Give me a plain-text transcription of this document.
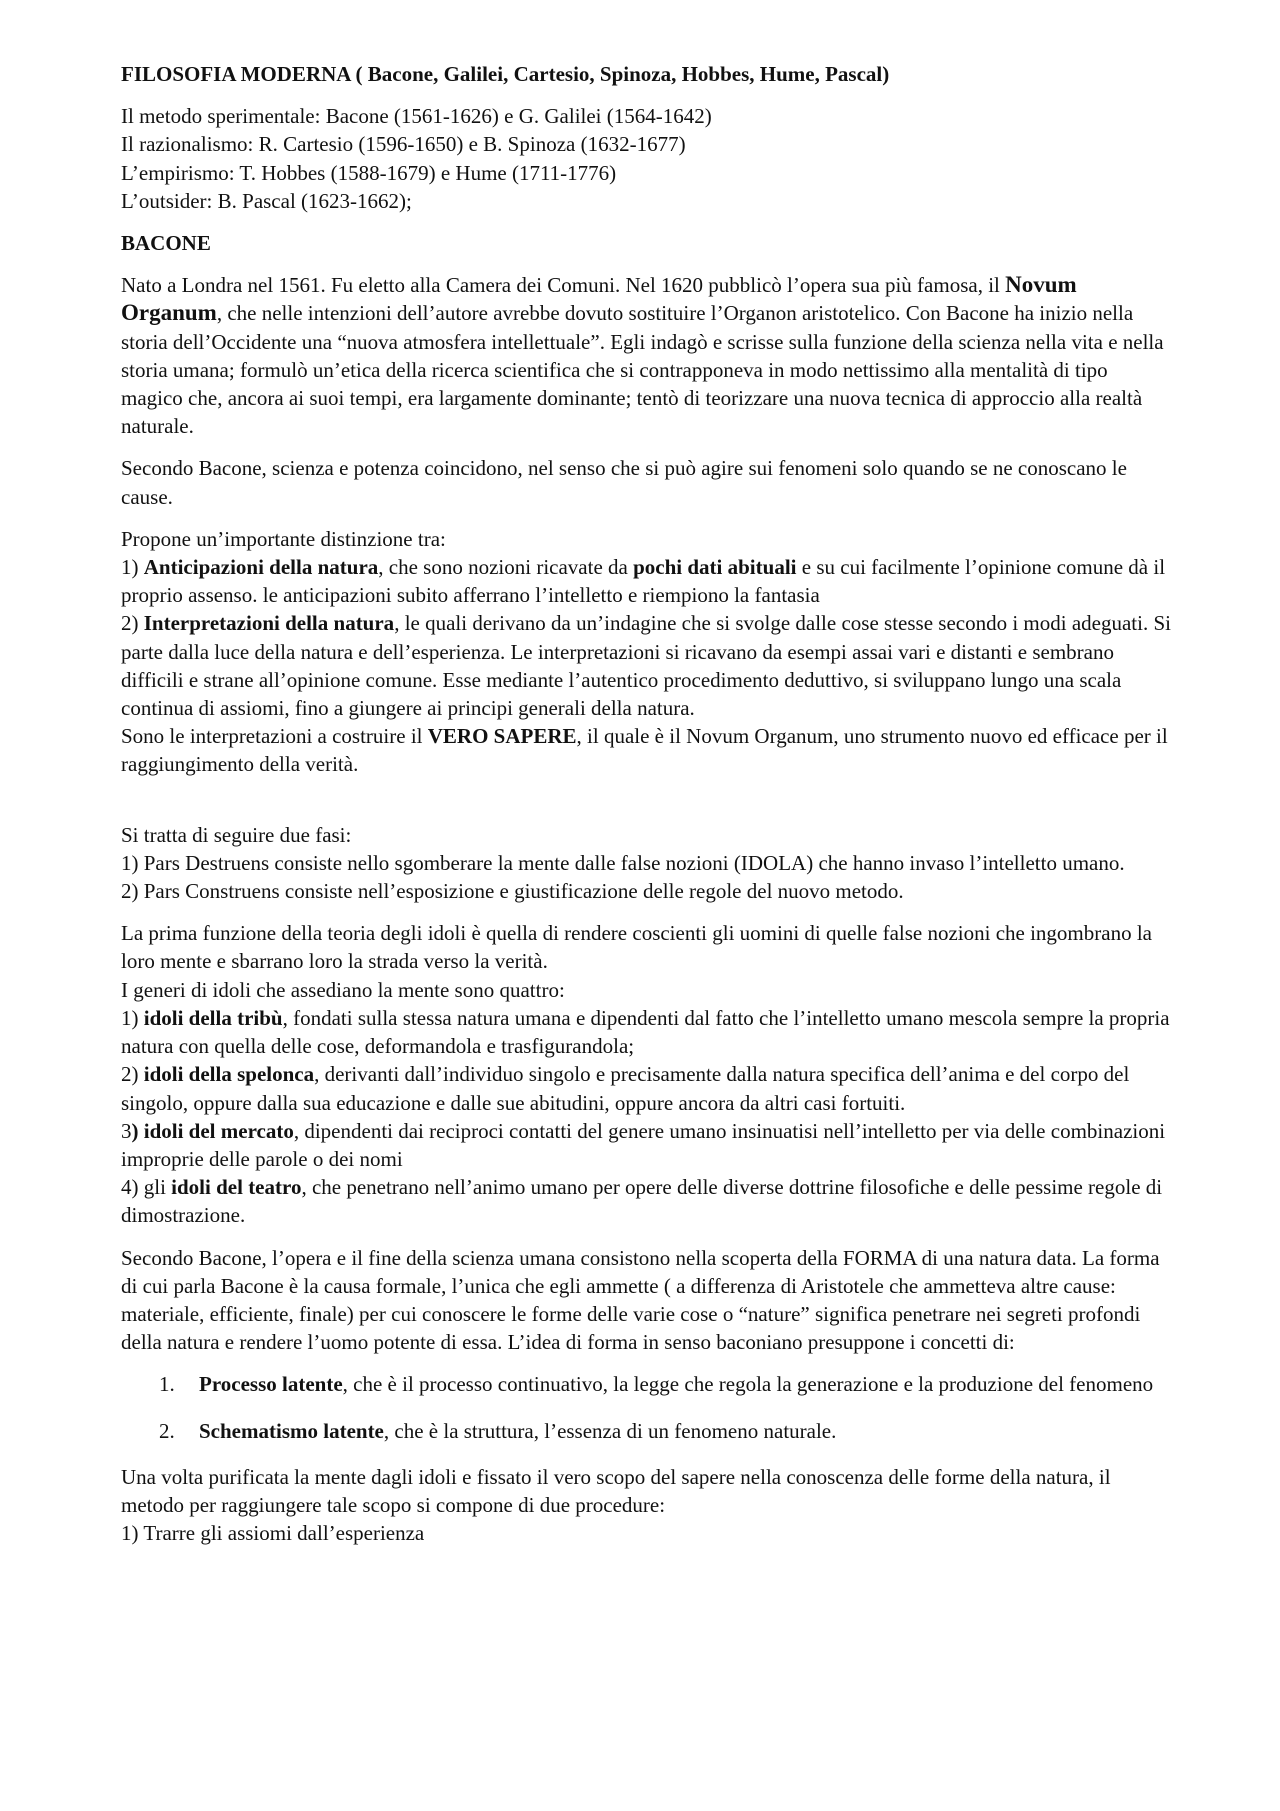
FILOSOFIA MODERNA ( Bacone, Galilei, Cartesio, Spinoza, Hobbes, Hume, Pascal)

Il metodo sperimentale: Bacone (1561-1626) e G. Galilei (1564-1642)
Il razionalismo: R. Cartesio (1596-1650) e B. Spinoza (1632-1677)
L’empirismo: T. Hobbes (1588-1679) e Hume (1711-1776)
L’outsider: B. Pascal (1623-1662);

BACONE

Nato a Londra nel 1561. Fu eletto alla Camera dei Comuni. Nel 1620 pubblicò l’opera sua più famosa, il Novum Organum, che nelle intenzioni dell’autore avrebbe dovuto sostituire l’Organon aristotelico. Con Bacone ha inizio nella storia dell’Occidente una “nuova atmosfera intellettuale”. Egli indagò e scrisse sulla funzione della scienza nella vita e nella storia umana; formulò un’etica della ricerca scientifica che si contrapponeva in modo nettissimo alla mentalità di tipo magico che, ancora ai suoi tempi, era largamente dominante; tentò di teorizzare una nuova tecnica di approccio alla realtà naturale.

Secondo Bacone, scienza e potenza coincidono, nel senso che si può agire sui fenomeni solo quando se ne conoscano le cause.

Propone un’importante distinzione tra:
1) Anticipazioni della natura, che sono nozioni ricavate da pochi dati abituali e su cui facilmente l’opinione comune dà il proprio assenso. le anticipazioni subito afferrano l’intelletto e riempiono la fantasia
2) Interpretazioni della natura, le quali derivano da un’indagine che si svolge dalle cose stesse secondo i modi adeguati. Si parte dalla luce della natura e dell’esperienza. Le interpretazioni si ricavano da esempi assai vari e distanti e sembrano difficili e strane all’opinione comune. Esse mediante l’autentico procedimento deduttivo, si sviluppano lungo una scala continua di assiomi, fino a giungere ai principi generali della natura.
Sono le interpretazioni a costruire il VERO SAPERE, il quale è il Novum Organum, uno strumento nuovo ed efficace per il raggiungimento della verità.

Si tratta di seguire due fasi:
1) Pars Destruens consiste nello sgomberare la mente dalle false nozioni (IDOLA) che hanno invaso l’intelletto umano.
2) Pars Construens consiste nell’esposizione e giustificazione delle regole del nuovo metodo.

La prima funzione della teoria degli idoli è quella di rendere coscienti gli uomini di quelle false nozioni che ingombrano la loro mente e sbarrano loro la strada verso la verità.
I generi di idoli che assediano la mente sono quattro:
1) idoli della tribù, fondati sulla stessa natura umana e dipendenti dal fatto che l’intelletto umano mescola sempre la propria natura con quella delle cose, deformandola e trasfigurandola;
2) idoli della spelonca, derivanti dall’individuo singolo e precisamente dalla natura specifica dell’anima e del corpo del singolo, oppure dalla sua educazione e dalle sue abitudini, oppure ancora da altri casi fortuiti.
3) idoli del mercato, dipendenti dai reciproci contatti del genere umano insinuatisi nell’intelletto per via delle combinazioni improprie delle parole o dei nomi
4) gli idoli del teatro, che penetrano nell’animo umano per opere delle diverse dottrine filosofiche e delle pessime regole di dimostrazione.

Secondo Bacone, l’opera e il fine della scienza umana consistono nella scoperta della FORMA di una natura data. La forma di cui parla Bacone è la causa formale, l’unica che egli ammette ( a differenza di Aristotele che ammetteva altre cause: materiale, efficiente, finale) per cui conoscere le forme delle varie cose o “nature” significa penetrare nei segreti profondi della natura e rendere l’uomo potente di essa. L’idea di forma in senso baconiano presuppone i concetti di:

1. Processo latente, che è il processo continuativo, la legge che regola la generazione e la produzione del fenomeno
2. Schematismo latente, che è la struttura, l’essenza di un fenomeno naturale.

Una volta purificata la mente dagli idoli e fissato il vero scopo del sapere nella conoscenza delle forme della natura, il metodo per raggiungere tale scopo si compone di due procedure:
1) Trarre gli assiomi dall’esperienza
